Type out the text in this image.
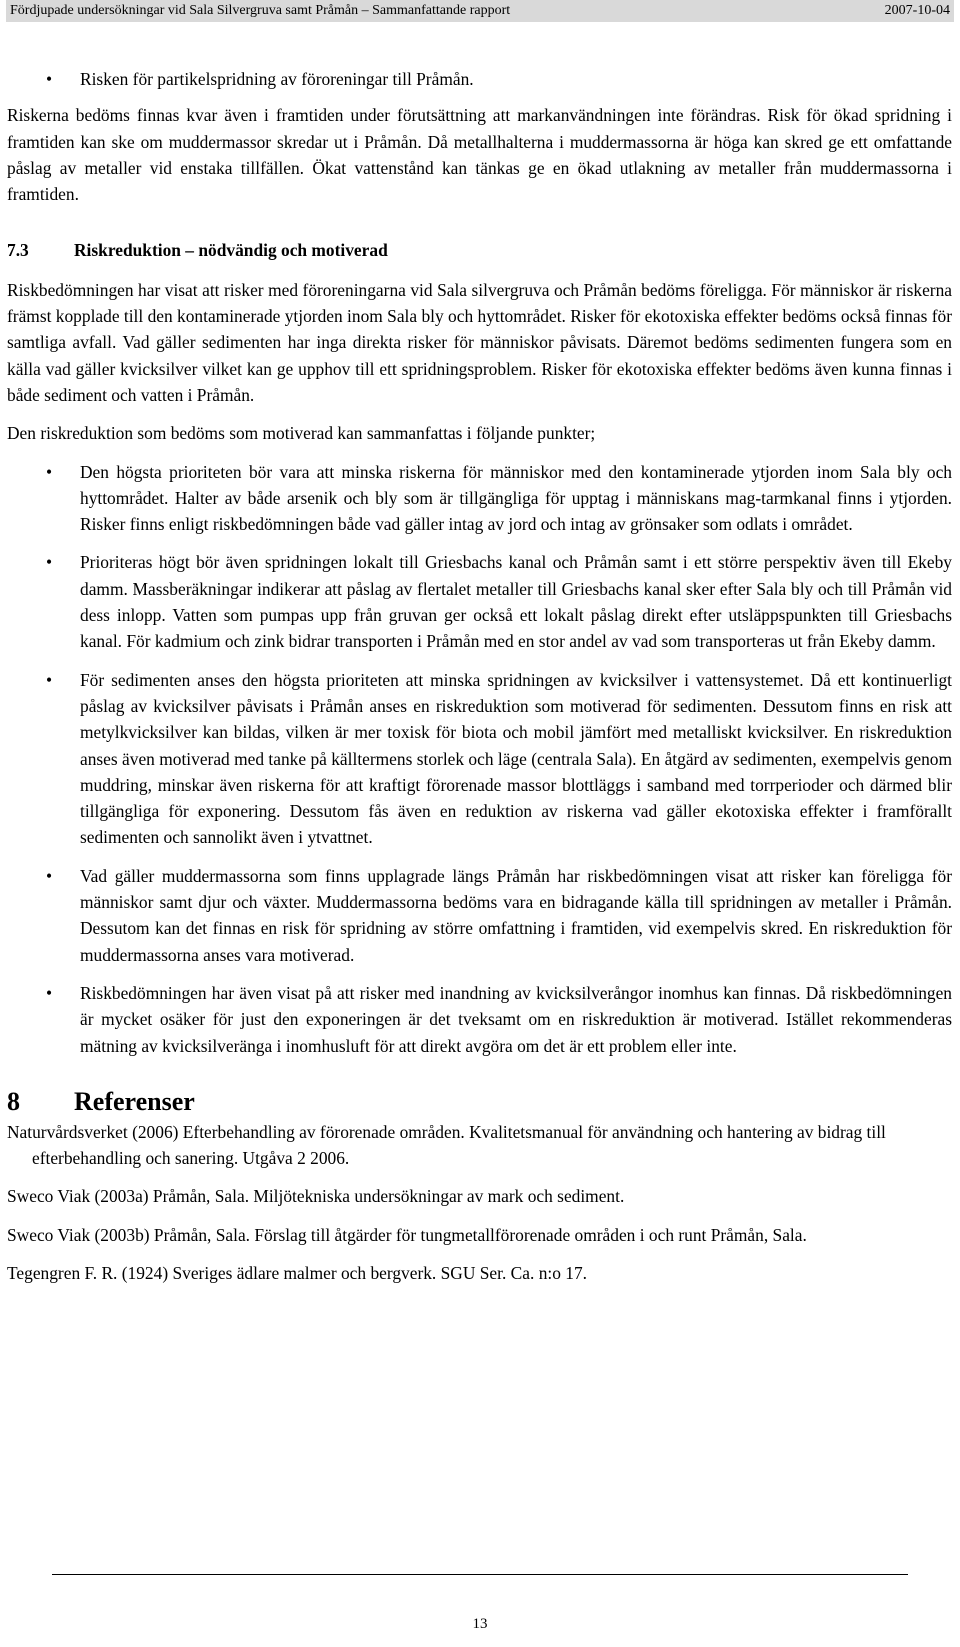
Fördjupade undersökningar vid Sala Silvergruva samt Pråmån – Sammanfattande rapport	2007-10-04
• Risken för partikelspridning av föroreningar till Pråmån.

Riskerna bedöms finnas kvar även i framtiden under förutsättning att markanvändningen inte förändras. Risk för ökad spridning i framtiden kan ske om muddermassor skredar ut i Pråmån. Då metallhalterna i muddermassorna är höga kan skred ge ett omfattande påslag av metaller vid enstaka tillfällen. Ökat vattenstånd kan tänkas ge en ökad utlakning av metaller från muddermassorna i framtiden.

7.3	Riskreduktion – nödvändig och motiverad

Riskbedömningen har visat att risker med föroreningarna vid Sala silvergruva och Pråmån bedöms föreligga. För människor är riskerna främst kopplade till den kontaminerade ytjorden inom Sala bly och hyttområdet. Risker för ekotoxiska effekter bedöms också finnas för samtliga avfall. Vad gäller sedimenten har inga direkta risker för människor påvisats. Däremot bedöms sedimenten fungera som en källa vad gäller kvicksilver vilket kan ge upphov till ett spridningsproblem. Risker för ekotoxiska effekter bedöms även kunna finnas i både sediment och vatten i Pråmån.

Den riskreduktion som bedöms som motiverad kan sammanfattas i följande punkter;

• Den högsta prioriteten bör vara att minska riskerna för människor med den kontaminerade ytjorden inom Sala bly och hyttområdet. Halter av både arsenik och bly som är tillgängliga för upptag i människans mag-tarmkanal finns i ytjorden. Risker finns enligt riskbedömningen både vad gäller intag av jord och intag av grönsaker som odlats i området.
• Prioriteras högt bör även spridningen lokalt till Griesbachs kanal och Pråmån samt i ett större perspektiv även till Ekeby damm. Massberäkningar indikerar att påslag av flertalet metaller till Griesbachs kanal sker efter Sala bly och till Pråmån vid dess inlopp. Vatten som pumpas upp från gruvan ger också ett lokalt påslag direkt efter utsläppspunkten till Griesbachs kanal. För kadmium och zink bidrar transporten i Pråmån med en stor andel av vad som transporteras ut från Ekeby damm.
• För sedimenten anses den högsta prioriteten att minska spridningen av kvicksilver i vattensystemet. Då ett kontinuerligt påslag av kvicksilver påvisats i Pråmån anses en riskreduktion som motiverad för sedimenten. Dessutom finns en risk att metylkvicksilver kan bildas, vilken är mer toxisk för biota och mobil jämfört med metalliskt kvicksilver. En riskreduktion anses även motiverad med tanke på källtermens storlek och läge (centrala Sala). En åtgärd av sedimenten, exempelvis genom muddring, minskar även riskerna för att kraftigt förorenade massor blottläggs i samband med torrperioder och därmed blir tillgängliga för exponering. Dessutom fås även en reduktion av riskerna vad gäller ekotoxiska effekter i framförallt sedimenten och sannolikt även i ytvattnet.
• Vad gäller muddermassorna som finns upplagrade längs Pråmån har riskbedömningen visat att risker kan föreligga för människor samt djur och växter. Muddermassorna bedöms vara en bidragande källa till spridningen av metaller i Pråmån. Dessutom kan det finnas en risk för spridning av större omfattning i framtiden, vid exempelvis skred. En riskreduktion för muddermassorna anses vara motiverad.
• Riskbedömningen har även visat på att risker med inandning av kvicksilverångor inomhus kan finnas. Då riskbedömningen är mycket osäker för just den exponeringen är det tveksamt om en riskreduktion är motiverad. Istället rekommenderas mätning av kvicksilveränga i inomhusluft för att direkt avgöra om det är ett problem eller inte.
8	Referenser

Naturvårdsverket (2006) Efterbehandling av förorenade områden. Kvalitetsmanual för användning och hantering av bidrag till efterbehandling och sanering. Utgåva 2 2006.

Sweco Viak (2003a) Pråmån, Sala. Miljötekniska undersökningar av mark och sediment.

Sweco Viak (2003b) Pråmån, Sala. Förslag till åtgärder för tungmetallförorenade områden i och runt Pråmån, Sala.

Tegengren F. R. (1924) Sveriges ädlare malmer och bergverk. SGU Ser. Ca. n:o 17.

13
